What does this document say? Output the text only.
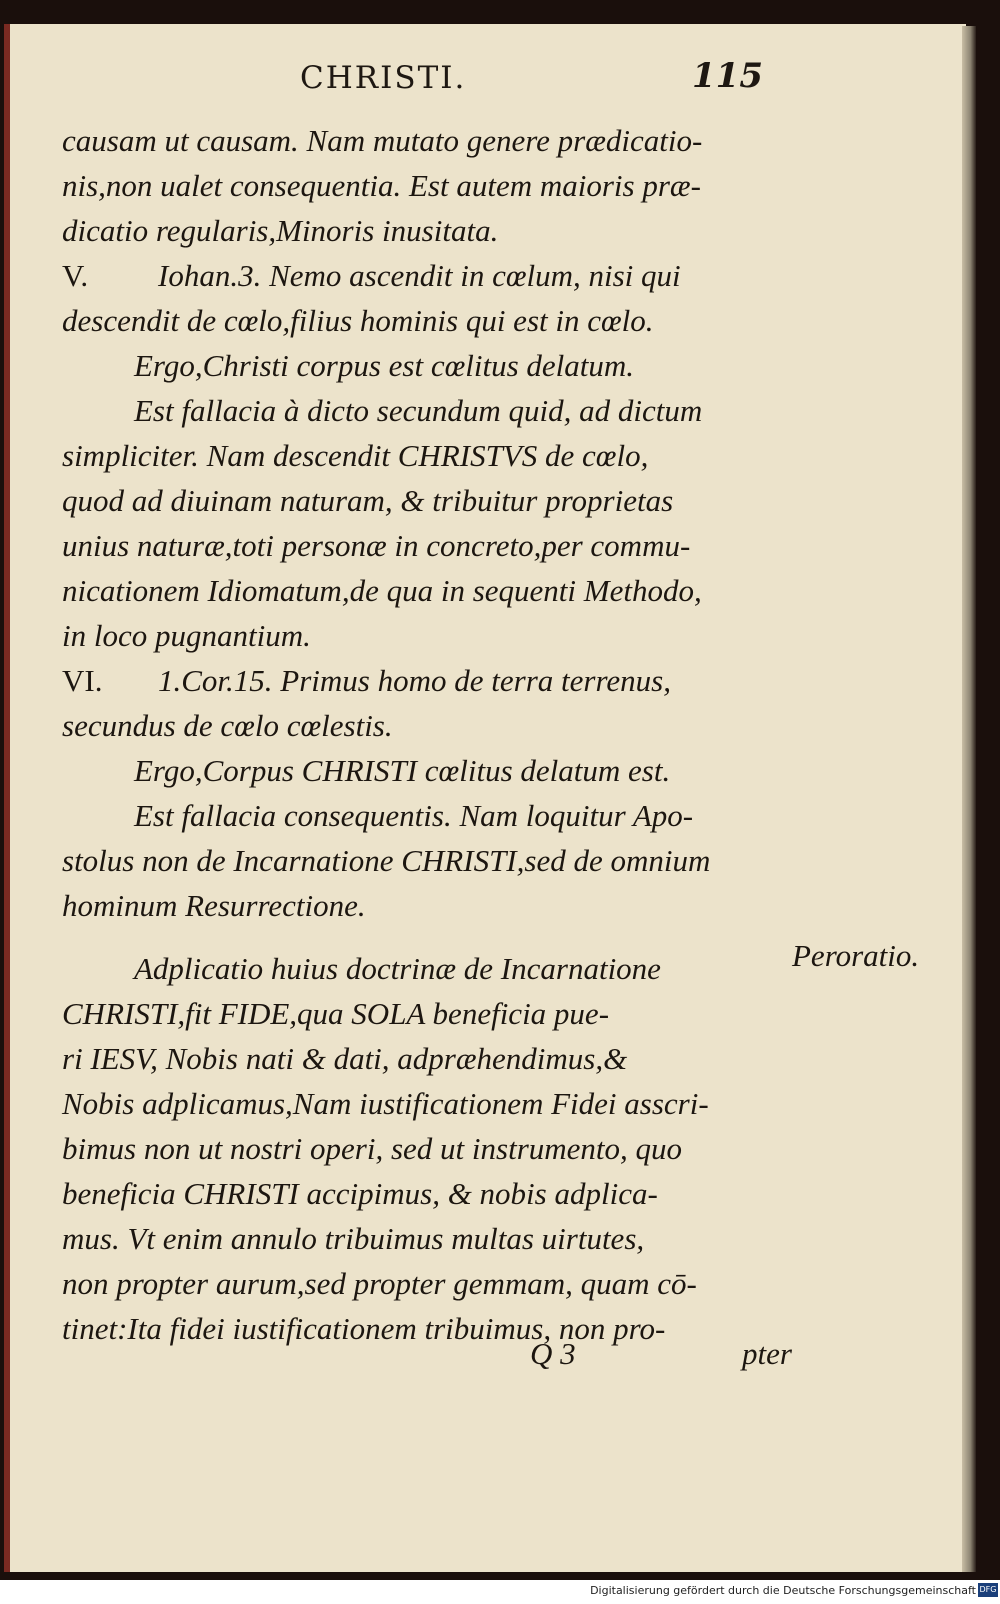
CHRISTI.	115
causam ut causam. Nam mutato genere prædicatio-
nis,non ualet consequentia. Est autem maioris præ-
dicatio regularis,Minoris inusitata.
V. Iohan.3. Nemo ascendit in cœlum, nisi qui
descendit de cœlo,filius hominis qui est in cœlo.
Ergo,Christi corpus est cœlitus delatum.
Est fallacia à dicto secundum quid, ad dictum
simpliciter. Nam descendit CHRISTVS de cœlo,
quod ad diuinam naturam, & tribuitur proprietas
unius naturæ,toti personæ in concreto,per commu-
nicationem Idiomatum,de qua in sequenti Methodo,
in loco pugnantium.
VI. 1.Cor.15. Primus homo de terra terrenus,
secundus de cœlo cœlestis.
Ergo,Corpus CHRISTI cœlitus delatum est.
Est fallacia consequentis. Nam loquitur Apo-
stolus non de Incarnatione CHRISTI,sed de omnium
hominum Resurrectione.
Adplicatio huius doctrinæ de Incarnatione
CHRISTI,fit FIDE,qua SOLA beneficia pue-
ri IESV, Nobis nati & dati, adpræhendimus,&
Nobis adplicamus,Nam iustificationem Fidei asscri-
bimus non ut nostri operi, sed ut instrumento, quo
beneficia CHRISTI accipimus, & nobis adplica-
mus. Vt enim annulo tribuimus multas uirtutes,
non propter aurum,sed propter gemmam, quam cō-
tinet:Ita fidei iustificationem tribuimus, non pro-
Peroratio.
Q 3	pter
Digitalisierung gefördert durch die Deutsche Forschungsgemeinschaft DFG
